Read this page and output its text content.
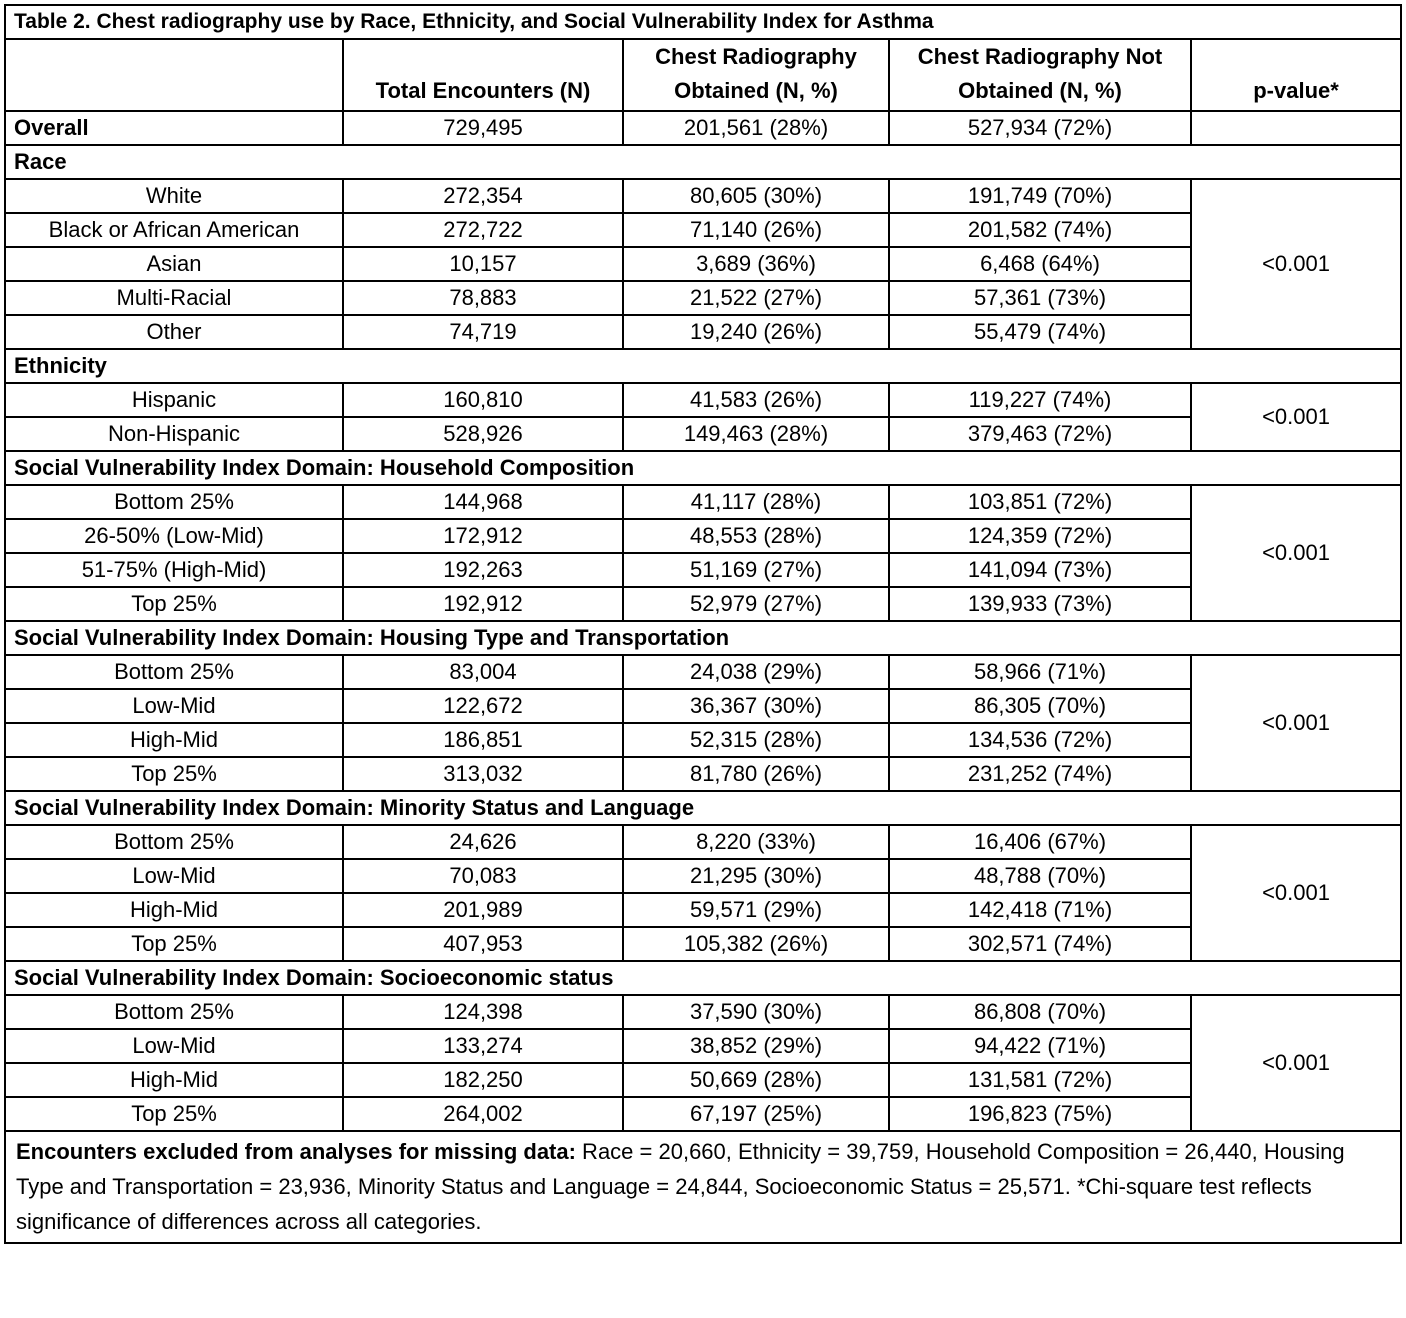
Table 2. Chest radiography use by Race, Ethnicity, and Social Vulnerability Index for Asthma				
	Total Encounters (N)	Chest Radiography Obtained (N, %)	Chest Radiography Not Obtained (N, %)	p-value*
Overall	729,495	201,561 (28%)	527,934 (72%)	
Race				
White	272,354	80,605 (30%)	191,749 (70%)	<0.001
Black or African American	272,722	71,140 (26%)	201,582 (74%)	
Asian	10,157	3,689 (36%)	6,468 (64%)	
Multi-Racial	78,883	21,522 (27%)	57,361 (73%)	
Other	74,719	19,240 (26%)	55,479 (74%)	
Ethnicity				
Hispanic	160,810	41,583 (26%)	119,227 (74%)	<0.001
Non-Hispanic	528,926	149,463 (28%)	379,463 (72%)	
Social Vulnerability Index Domain: Household Composition				
Bottom 25%	144,968	41,117 (28%)	103,851 (72%)	<0.001
26-50% (Low-Mid)	172,912	48,553 (28%)	124,359 (72%)	
51-75% (High-Mid)	192,263	51,169 (27%)	141,094 (73%)	
Top 25%	192,912	52,979 (27%)	139,933 (73%)	
Social Vulnerability Index Domain: Housing Type and Transportation				
Bottom 25%	83,004	24,038 (29%)	58,966 (71%)	<0.001
Low-Mid	122,672	36,367 (30%)	86,305 (70%)	
High-Mid	186,851	52,315 (28%)	134,536 (72%)	
Top 25%	313,032	81,780 (26%)	231,252 (74%)	
Social Vulnerability Index Domain: Minority Status and Language				
Bottom 25%	24,626	8,220 (33%)	16,406 (67%)	<0.001
Low-Mid	70,083	21,295 (30%)	48,788 (70%)	
High-Mid	201,989	59,571 (29%)	142,418 (71%)	
Top 25%	407,953	105,382 (26%)	302,571 (74%)	
Social Vulnerability Index Domain: Socioeconomic status				
Bottom 25%	124,398	37,590 (30%)	86,808 (70%)	<0.001
Low-Mid	133,274	38,852 (29%)	94,422 (71%)	
High-Mid	182,250	50,669 (28%)	131,581 (72%)	
Top 25%	264,002	67,197 (25%)	196,823 (75%)	
Encounters excluded from analyses for missing data: Race = 20,660, Ethnicity = 39,759, Household Composition = 26,440, Housing Type and Transportation = 23,936, Minority Status and Language = 24,844, Socioeconomic Status = 25,571. *Chi-square test reflects significance of differences across all categories.				
